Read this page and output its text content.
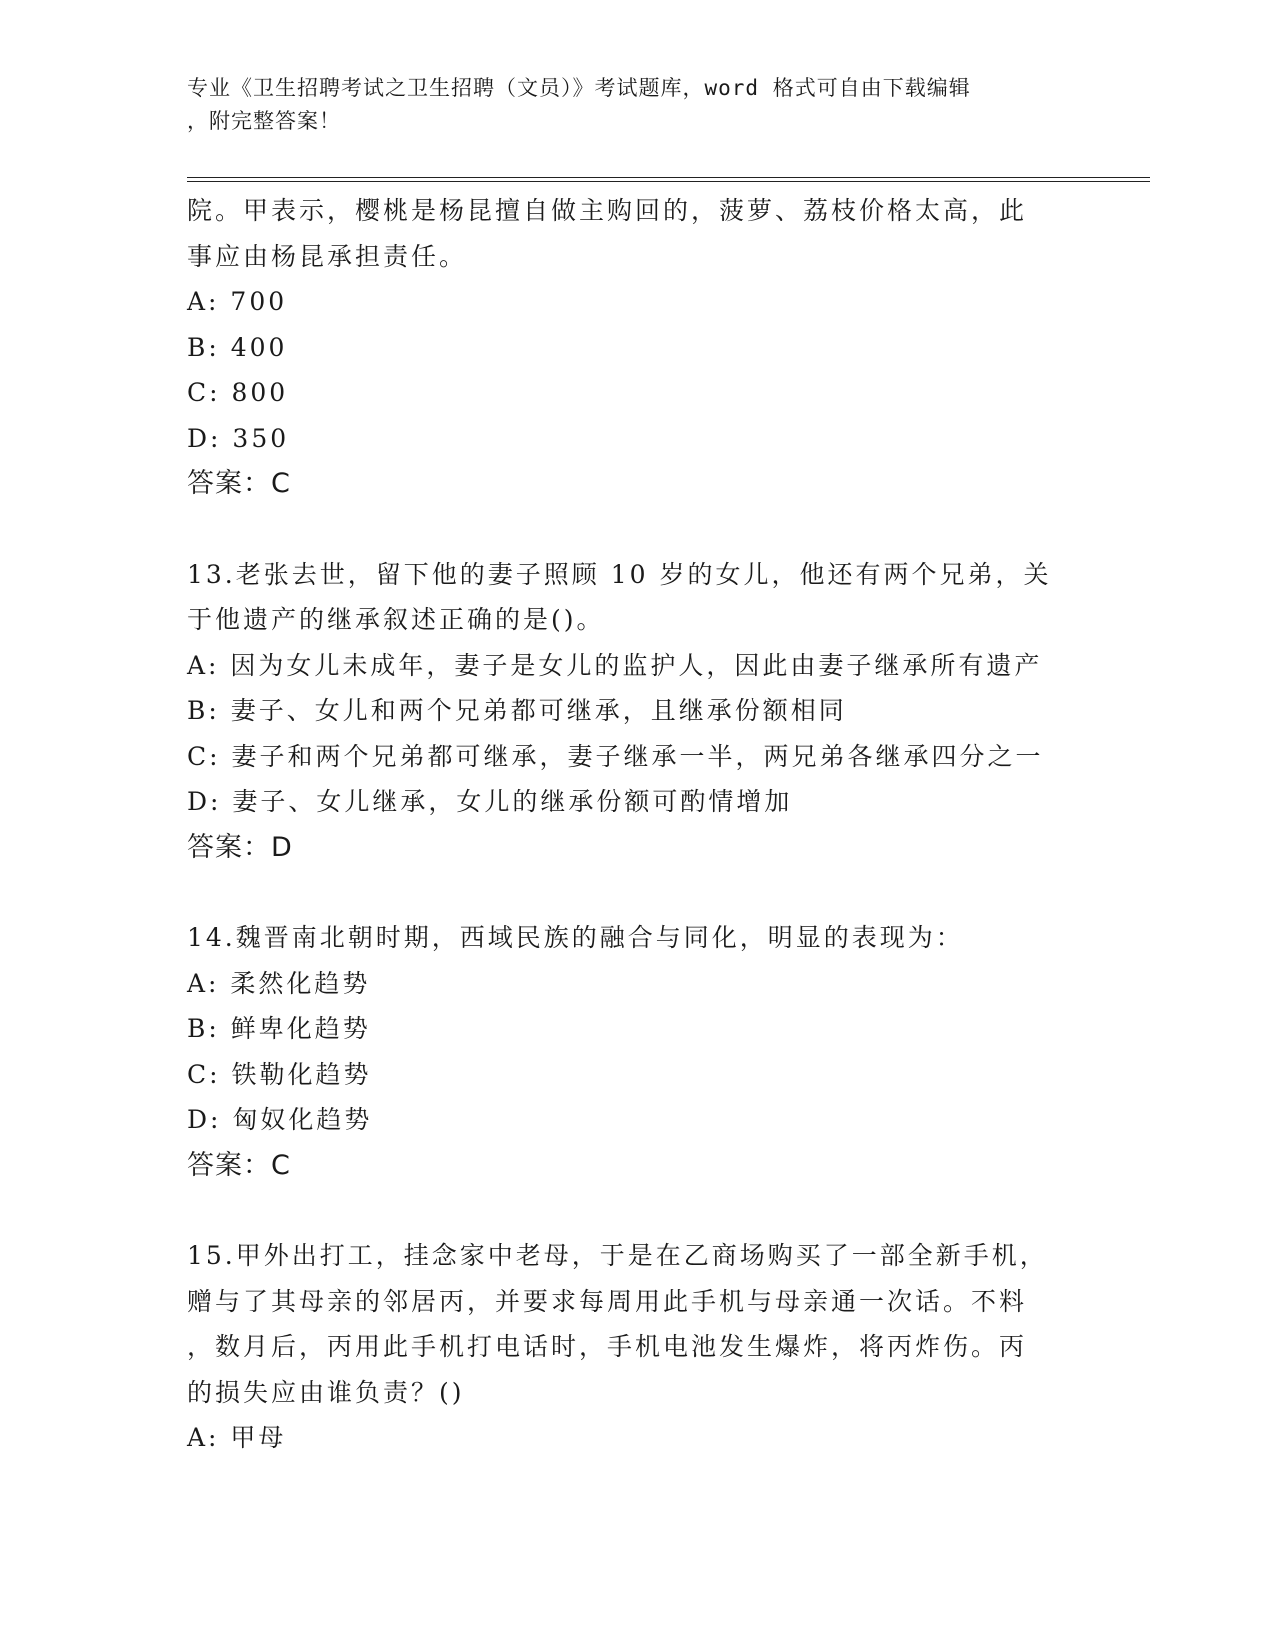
专业《卫生招聘考试之卫生招聘（文员）》考试题库，word 格式可自由下载编辑
，附完整答案！
院。甲表示，樱桃是杨昆擅自做主购回的，菠萝、荔枝价格太高，此
事应由杨昆承担责任。
A: 700
B: 400
C: 800
D: 350
答案：C
13.老张去世，留下他的妻子照顾 10 岁的女儿，他还有两个兄弟，关
于他遗产的继承叙述正确的是()。
A: 因为女儿未成年，妻子是女儿的监护人，因此由妻子继承所有遗产
B: 妻子、女儿和两个兄弟都可继承，且继承份额相同
C: 妻子和两个兄弟都可继承，妻子继承一半，两兄弟各继承四分之一
D: 妻子、女儿继承，女儿的继承份额可酌情增加
答案：D
14.魏晋南北朝时期，西域民族的融合与同化，明显的表现为：
A: 柔然化趋势
B: 鲜卑化趋势
C: 铁勒化趋势
D: 匈奴化趋势
答案：C
15.甲外出打工，挂念家中老母，于是在乙商场购买了一部全新手机，
赠与了其母亲的邻居丙，并要求每周用此手机与母亲通一次话。不料
，数月后，丙用此手机打电话时，手机电池发生爆炸，将丙炸伤。丙
的损失应由谁负责？()
A: 甲母
